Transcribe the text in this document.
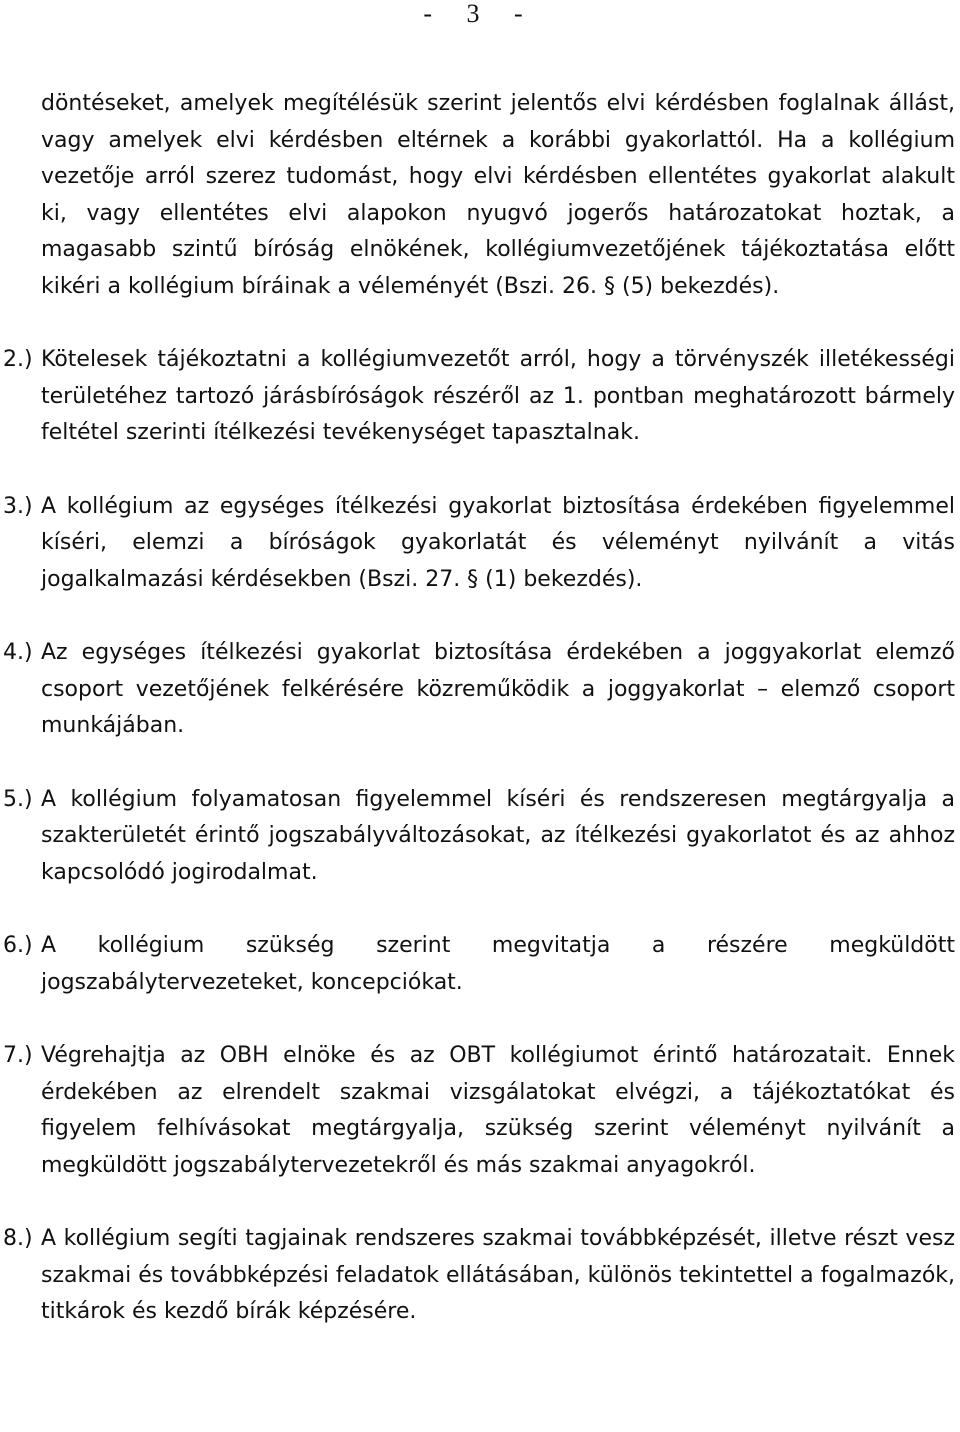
- 3 -

döntéseket, amelyek megítélésük szerint jelentős elvi kérdésben foglalnak állást, vagy amelyek elvi kérdésben eltérnek a korábbi gyakorlattól. Ha a kollégium vezetője arról szerez tudomást, hogy elvi kérdésben ellentétes gyakorlat alakult ki, vagy ellentétes elvi alapokon nyugvó jogerős határozatokat hoztak, a magasabb szintű bíróság elnökének, kollégiumvezetőjének tájékoztatása előtt kikéri a kollégium bíráinak a véleményét (Bszi. 26. § (5) bekezdés).

2.) Kötelesek tájékoztatni a kollégiumvezetőt arról, hogy a törvényszék illetékességi területéhez tartozó járásbíróságok részéről az 1. pontban meghatározott bármely feltétel szerinti ítélkezési tevékenységet tapasztalnak.

3.) A kollégium az egységes ítélkezési gyakorlat biztosítása érdekében figyelemmel kíséri, elemzi a bíróságok gyakorlatát és véleményt nyilvánít a vitás jogalkalmazási kérdésekben (Bszi. 27. § (1) bekezdés).

4.) Az egységes ítélkezési gyakorlat biztosítása érdekében a joggyakorlat elemző csoport vezetőjének felkérésére közreműködik a joggyakorlat – elemző csoport munkájában.

5.) A kollégium folyamatosan figyelemmel kíséri és rendszeresen megtárgyalja a szakterületét érintő jogszabályváltozásokat, az ítélkezési gyakorlatot és az ahhoz kapcsolódó jogirodalmat.

6.) A kollégium szükség szerint megvitatja a részére megküldött jogszabálytervezeteket, koncepciókat.

7.) Végrehajtja az OBH elnöke és az OBT kollégiumot érintő határozatait. Ennek érdekében az elrendelt szakmai vizsgálatokat elvégzi, a tájékoztatókat és figyelem felhívásokat megtárgyalja, szükség szerint véleményt nyilvánít a megküldött jogszabálytervezetekről és más szakmai anyagokról.

8.) A kollégium segíti tagjainak rendszeres szakmai továbbképzését, illetve részt vesz szakmai és továbbképzési feladatok ellátásában, különös tekintettel a fogalmazók, titkárok és kezdő bírák képzésére.
